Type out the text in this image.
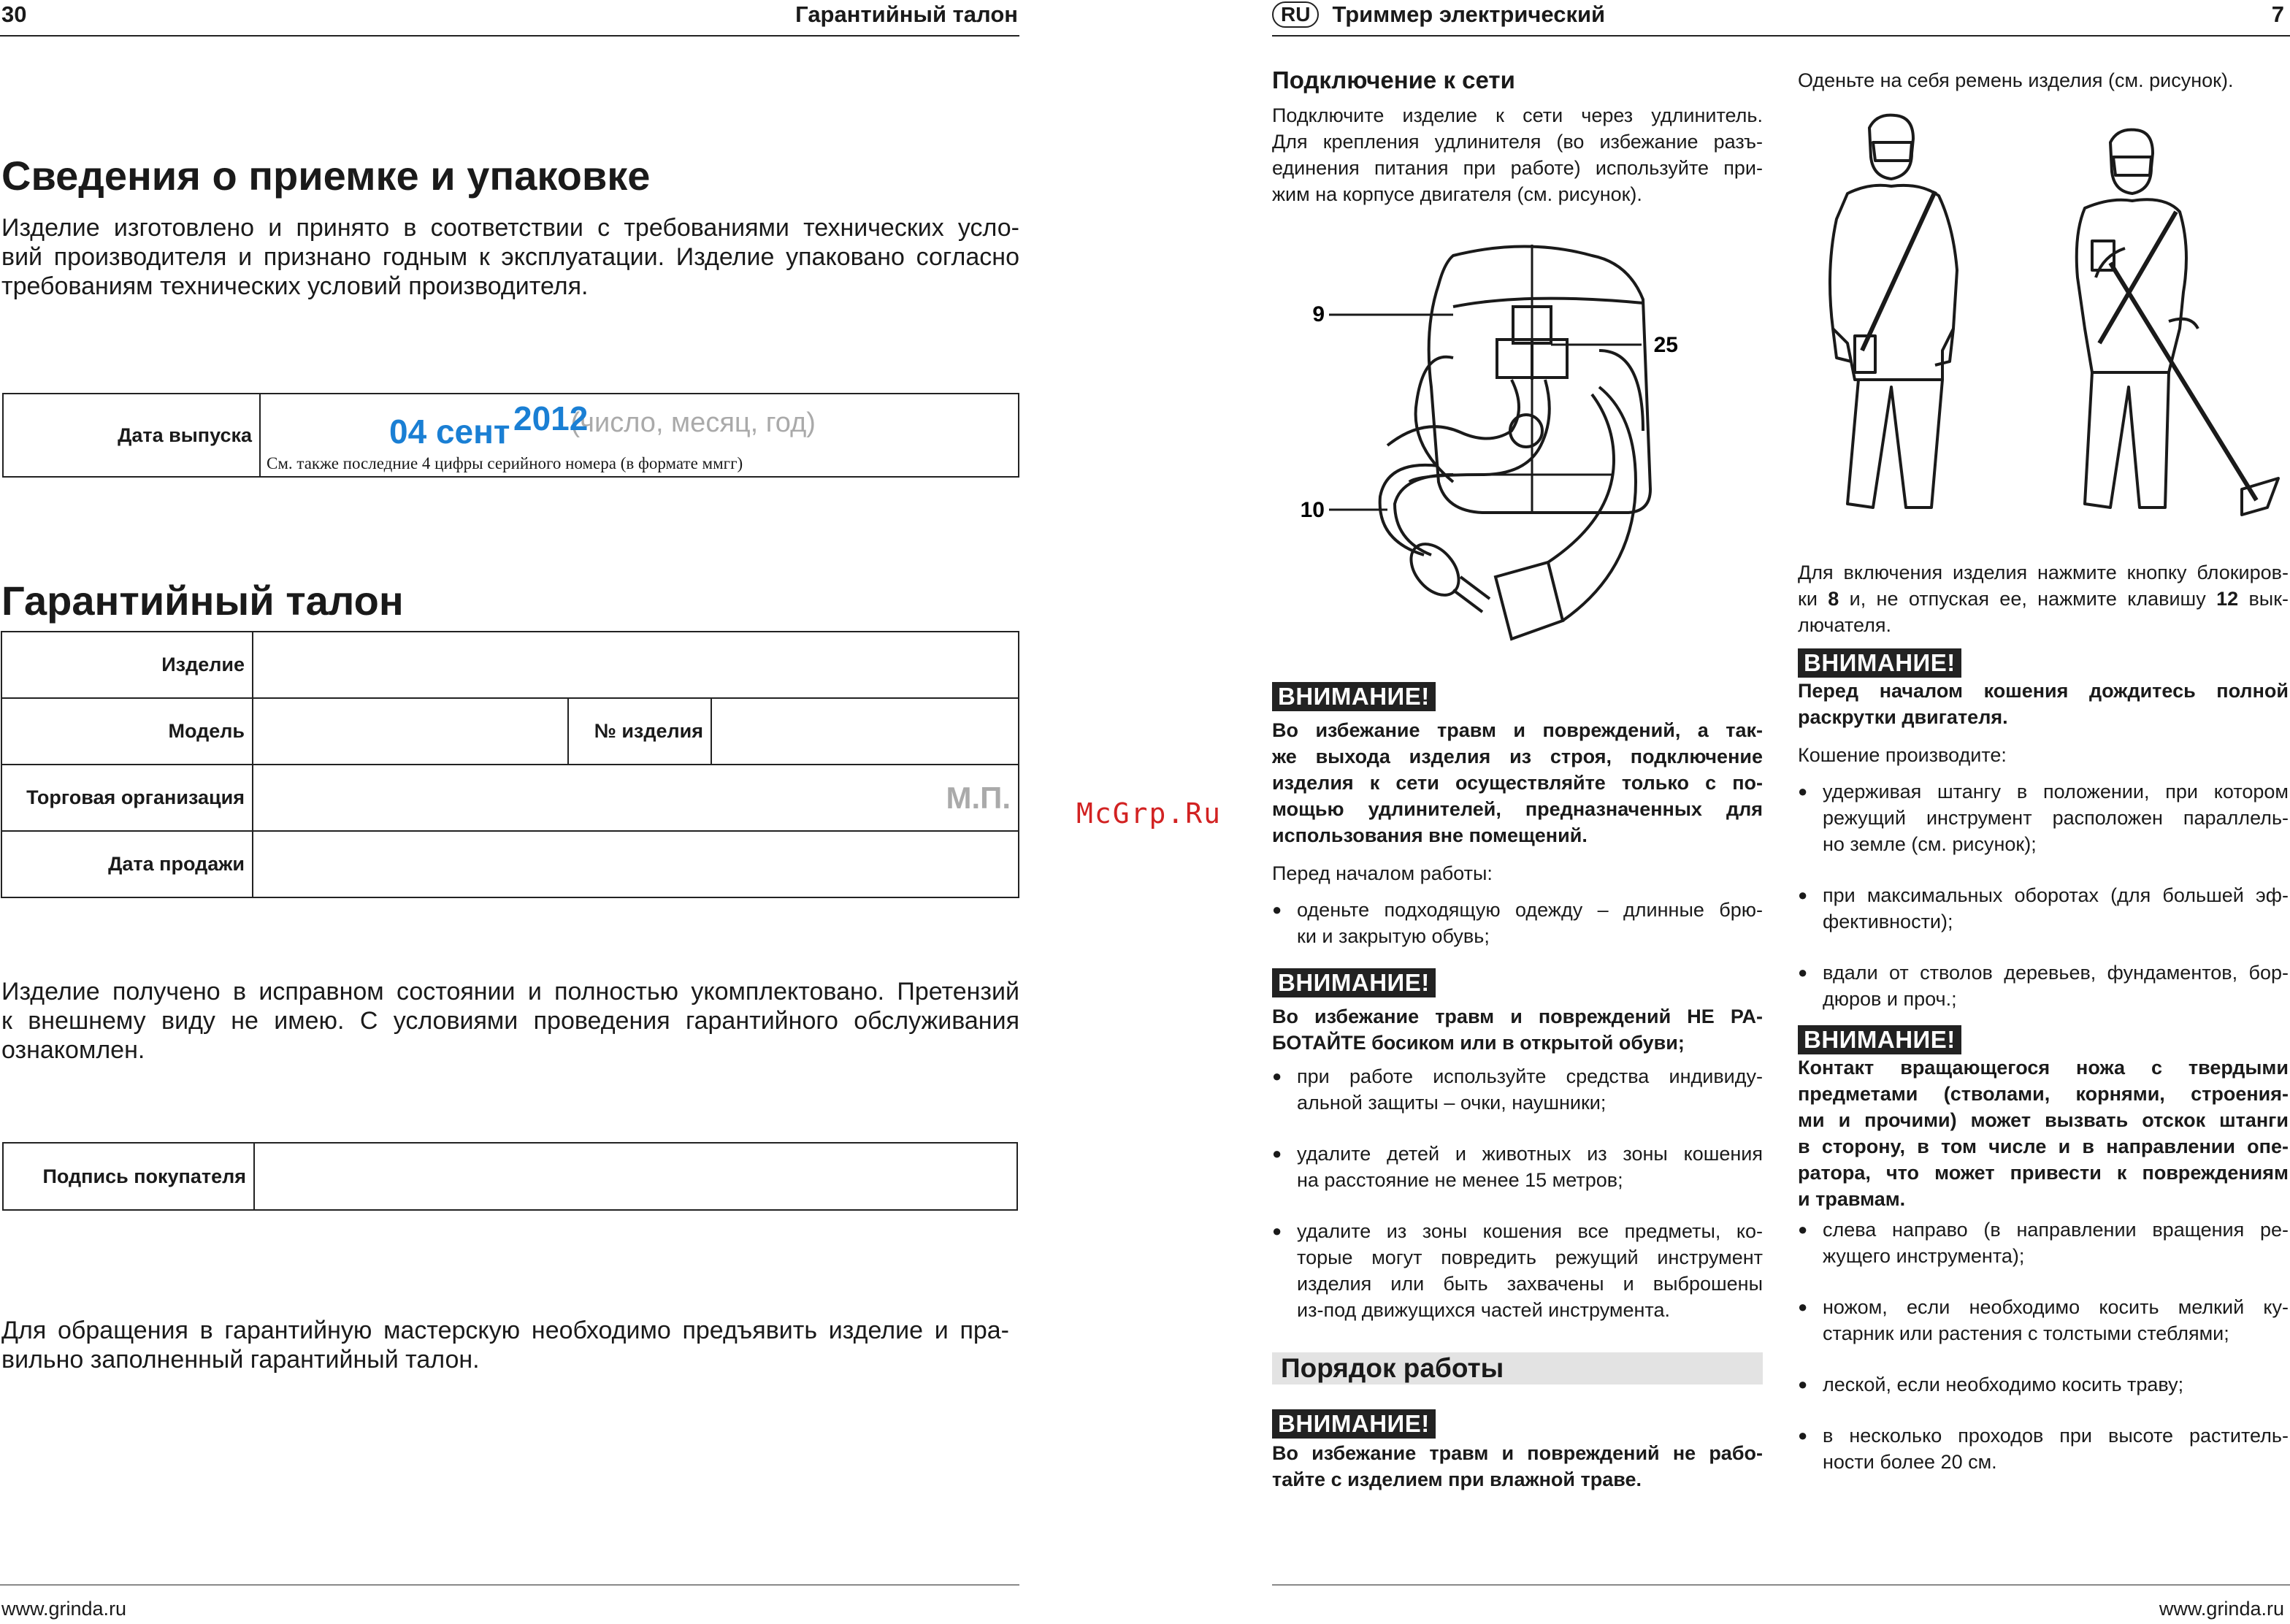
30	Гарантийный талон
Сведения о приемке и упаковке
Изделие изготовлено и принято в соответствии с требованиями технических усло-
вий производителя и признано годным к эксплуатации. Изделие упаковано согласно
требованиям технических условий производителя.
Дата выпуска	(число, месяц, год)
04 сент 2012
См. также последние 4 цифры серийного номера (в формате ммгг)
Гарантийный талон
Изделие			
Модель		№ изделия	
Торговая организация	М.П.		
Дата продажи			
Изделие получено в исправном состоянии и полностью укомплектовано. Претензий
к внешнему виду не имею. С условиями проведения гарантийного обслуживания
ознакомлен.
Подпись покупателя	
Для обращения в гарантийную мастерскую необходимо предъявить изделие и пра-
вильно заполненный гарантийный талон.
www.grinda.ru
McGrp.Ru
RU Триммер электрический	7
Подключение к сети

Подключите изделие к сети через удлинитель.

Для крепления удлинителя (во избежание разъ-

единения питания при работе) используйте при-

жим на корпусе двигателя (см. рисунок).

9
25
10
ВНИМАНИЕ!

Во избежание травм и повреждений, а так-

же выхода изделия из строя, подключение

изделия к сети осуществляйте только с по-

мощью удлинителей, предназначенных для

использования вне помещений.

Перед началом работы:

● оденьте подходящую одежду – длинные брю-
ки и закрытую обувь;
ВНИМАНИЕ!

Во избежание травм и повреждений НЕ РА-

БОТАЙТЕ босиком или в открытой обуви;

● при работе используйте средства индивиду-
альной защиты – очки, наушники;
● удалите детей и животных из зоны кошения
на расстояние не менее 15 метров;
● удалите из зоны кошения все предметы, ко-
торые могут повредить режущий инструмент
изделия или быть захвачены и выброшены
из-под движущихся частей инструмента.
Порядок работы
ВНИМАНИЕ!

Во избежание травм и повреждений не рабо-

тайте с изделием при влажной траве.

Оденьте на себя ремень изделия (см. рисунок).

Для включения изделия нажмите кнопку блокиров-

ки 8 и, не отпуская ее, нажмите клавишу 12 вык-

лючателя.

ВНИМАНИЕ!

Перед началом кошения дождитесь полной

раскрутки двигателя.

Кошение производите:

● удерживая штангу в положении, при котором
режущий инструмент расположен параллель-
но земле (см. рисунок);
● при максимальных оборотах (для большей эф-
фективности);
● вдали от стволов деревьев, фундаментов, бор-
дюров и проч.;
ВНИМАНИЕ!

Контакт вращающегося ножа с твердыми

предметами (стволами, корнями, строения-

ми и прочими) может вызвать отскок штанги

в сторону, в том числе и в направлении опе-

ратора, что может привести к повреждениям

и травмам.

● слева направо (в направлении вращения ре-
жущего инструмента);
● ножом, если необходимо косить мелкий ку-
старник или растения с толстыми стеблями;
● леской, если необходимо косить траву;
● в несколько проходов при высоте раститель-
ности более 20 см.
www.grinda.ru
